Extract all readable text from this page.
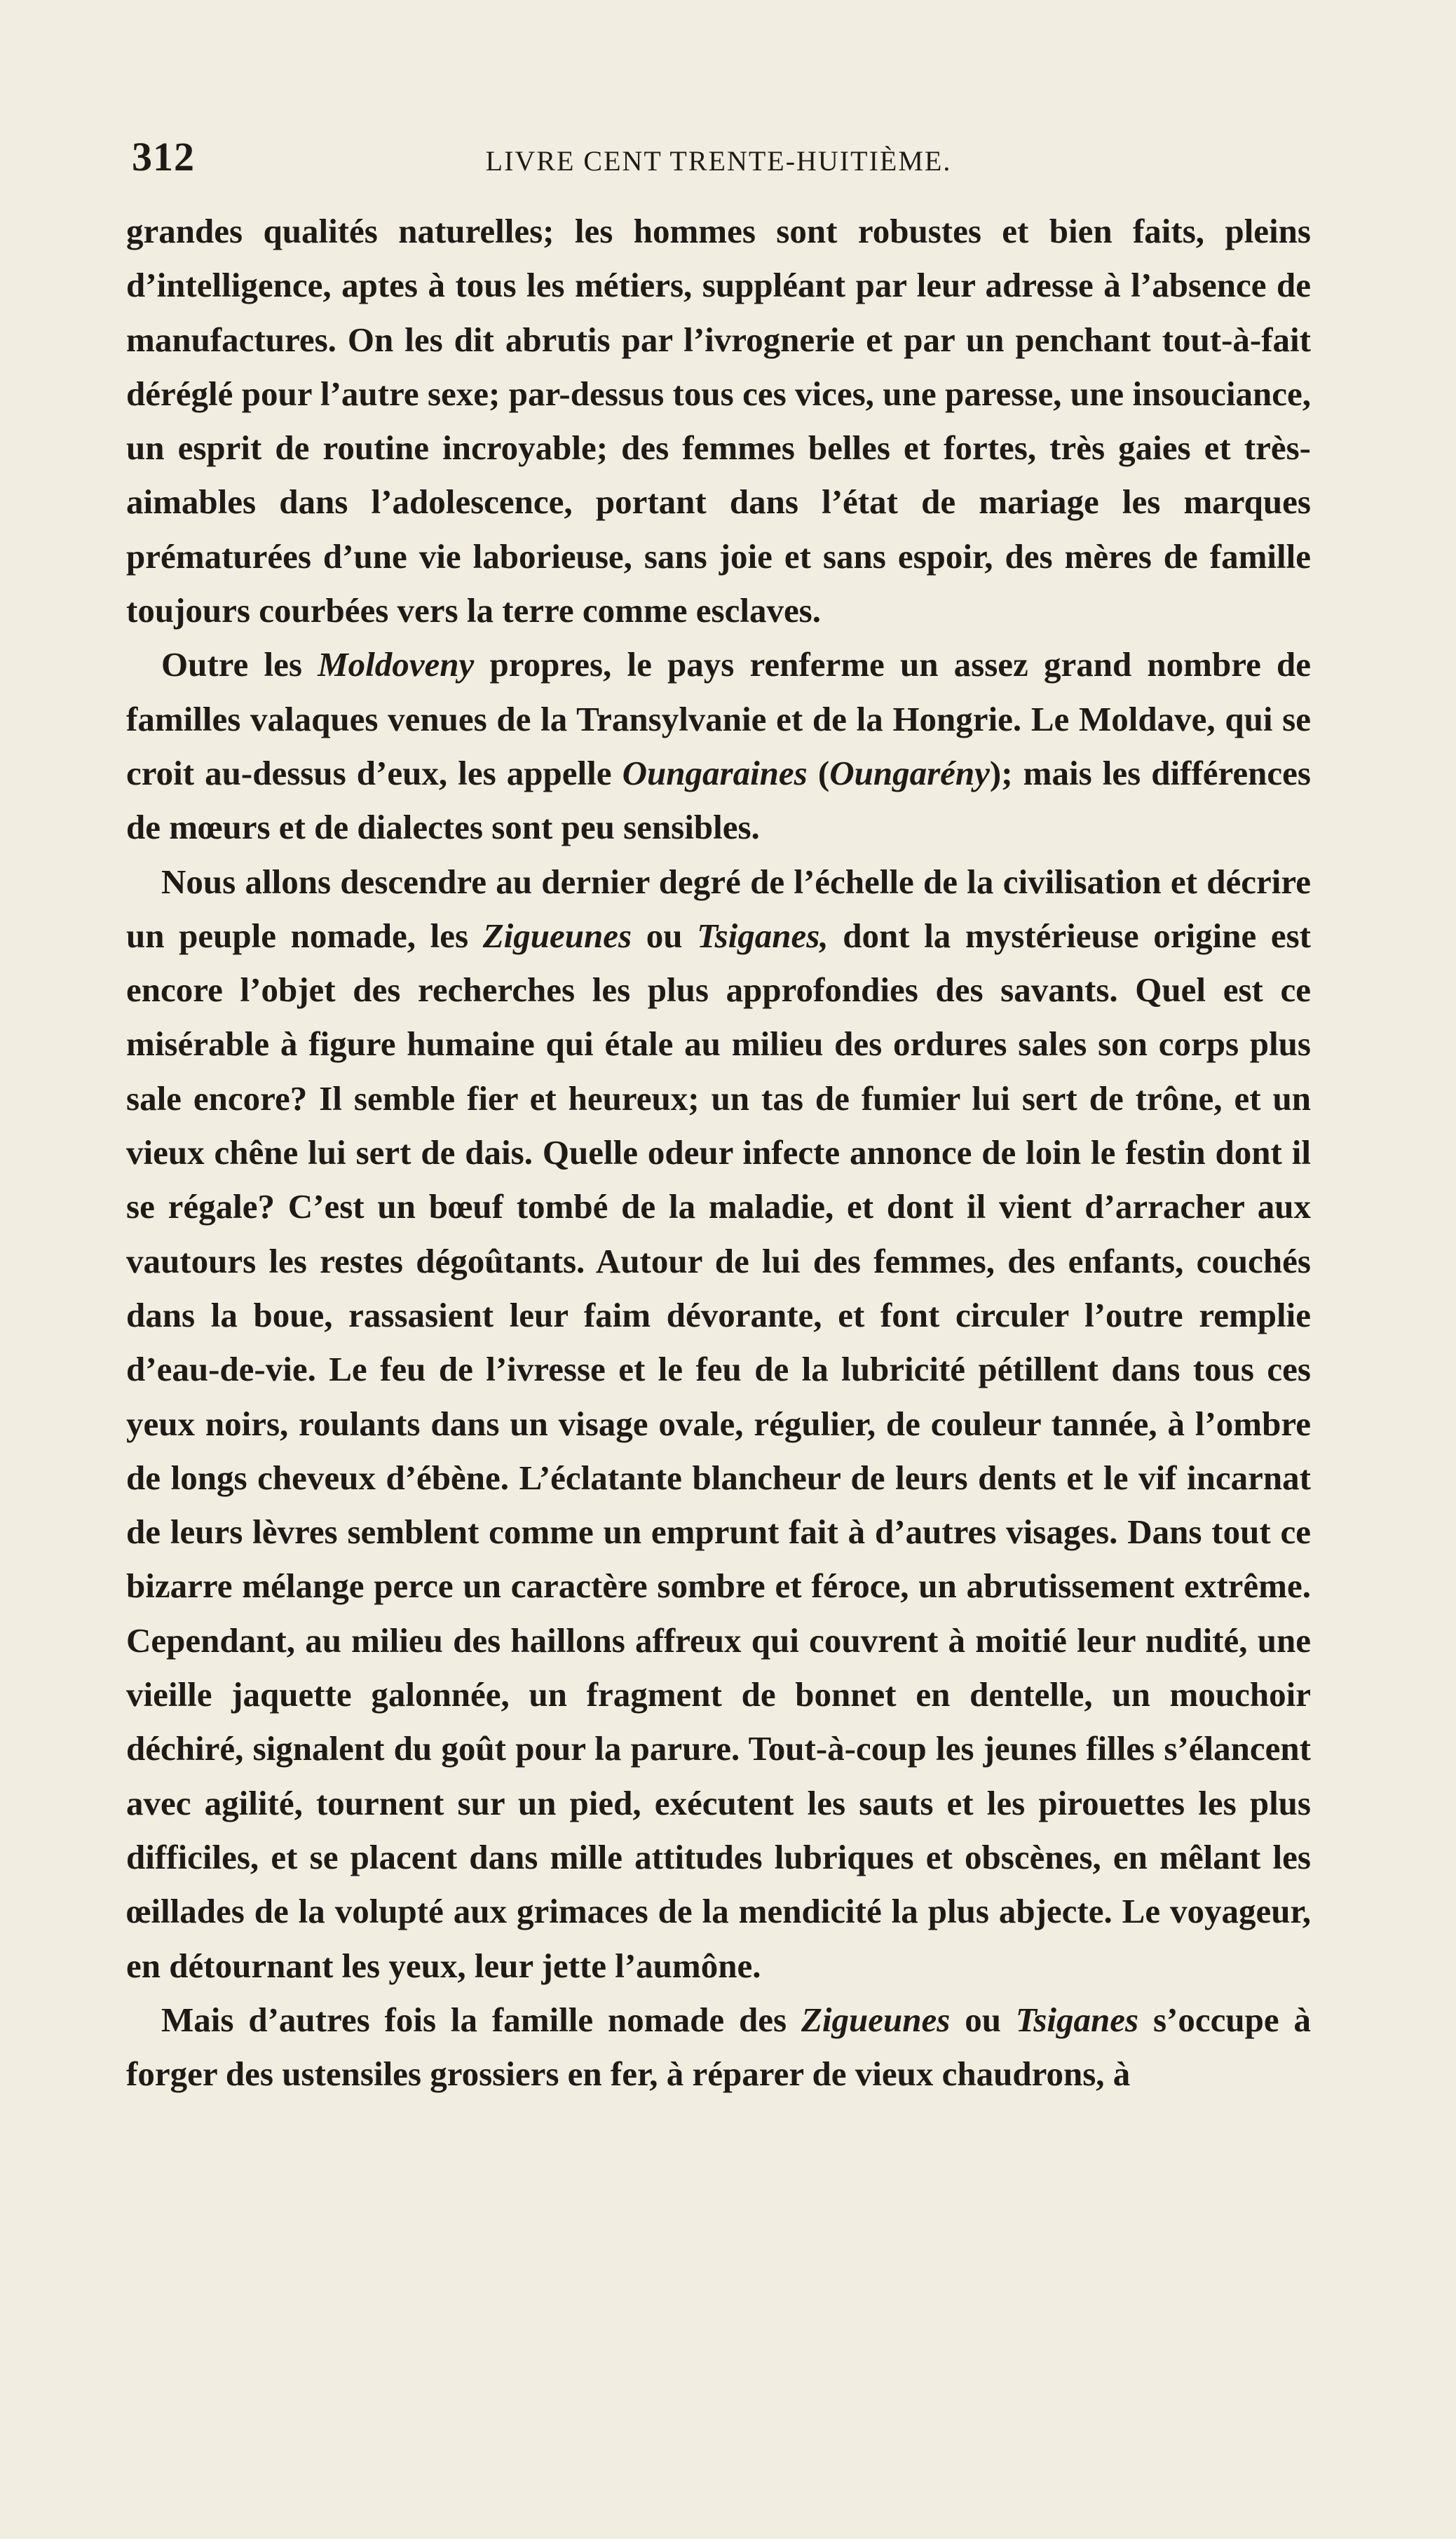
312	LIVRE CENT TRENTE-HUITIÈME.

grandes qualités naturelles; les hommes sont robustes et bien faits, pleins d’intelligence, aptes à tous les métiers, suppléant par leur adresse à l’absence de manufactures. On les dit abrutis par l’ivrognerie et par un penchant tout-à-fait déréglé pour l’autre sexe; par-dessus tous ces vices, une paresse, une insouciance, un esprit de routine incroyable; des femmes belles et fortes, très gaies et très-aimables dans l’adolescence, portant dans l’état de mariage les marques prématurées d’une vie laborieuse, sans joie et sans espoir, des mères de famille toujours courbées vers la terre comme esclaves.

Outre les Moldoveny propres, le pays renferme un assez grand nombre de familles valaques venues de la Transylvanie et de la Hongrie. Le Moldave, qui se croit au-dessus d’eux, les appelle Oungaraines (Oungarény); mais les différences de mœurs et de dialectes sont peu sensibles.

Nous allons descendre au dernier degré de l’échelle de la civilisation et décrire un peuple nomade, les Zigueunes ou Tsiganes, dont la mystérieuse origine est encore l’objet des recherches les plus approfondies des savants. Quel est ce misérable à figure humaine qui étale au milieu des ordures sales son corps plus sale encore? Il semble fier et heureux; un tas de fumier lui sert de trône, et un vieux chêne lui sert de dais. Quelle odeur infecte annonce de loin le festin dont il se régale? C’est un bœuf tombé de la maladie, et dont il vient d’arracher aux vautours les restes dégoûtants. Autour de lui des femmes, des enfants, couchés dans la boue, rassasient leur faim dévorante, et font circuler l’outre remplie d’eau-de-vie. Le feu de l’ivresse et le feu de la lubricité pétillent dans tous ces yeux noirs, roulants dans un visage ovale, régulier, de couleur tannée, à l’ombre de longs cheveux d’ébène. L’éclatante blancheur de leurs dents et le vif incarnat de leurs lèvres semblent comme un emprunt fait à d’autres visages. Dans tout ce bizarre mélange perce un caractère sombre et féroce, un abrutissement extrême. Cependant, au milieu des haillons affreux qui couvrent à moitié leur nudité, une vieille jaquette galonnée, un fragment de bonnet en dentelle, un mouchoir déchiré, signalent du goût pour la parure. Tout-à-coup les jeunes filles s’élancent avec agilité, tournent sur un pied, exécutent les sauts et les pirouettes les plus difficiles, et se placent dans mille attitudes lubriques et obscènes, en mêlant les œillades de la volupté aux grimaces de la mendicité la plus abjecte. Le voyageur, en détournant les yeux, leur jette l’aumône.

Mais d’autres fois la famille nomade des Zigueunes ou Tsiganes s’occupe à forger des ustensiles grossiers en fer, à réparer de vieux chaudrons, à
